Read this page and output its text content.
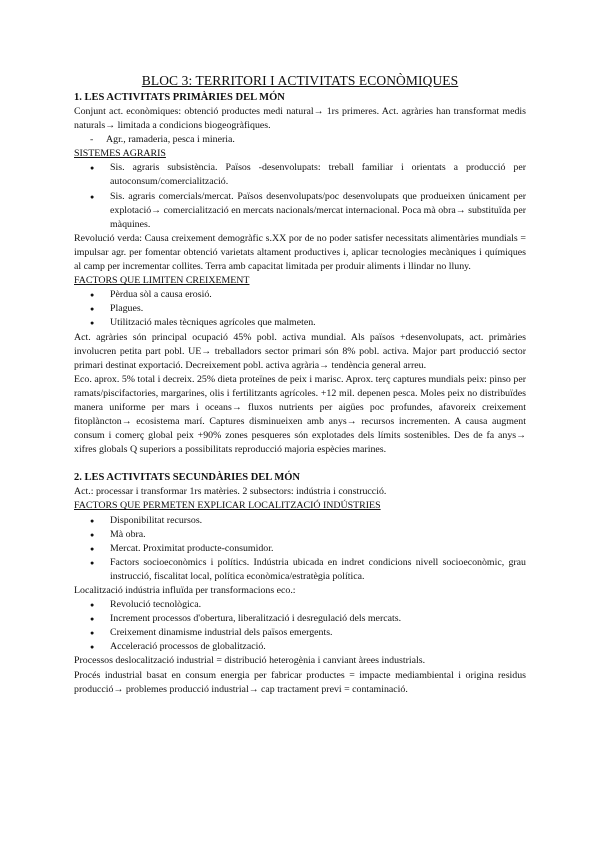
BLOC 3: TERRITORI I ACTIVITATS ECONÒMIQUES
1. LES ACTIVITATS PRIMÀRIES DEL MÓN

Conjunt act. econòmiques: obtenció productes medi natural→ 1rs primeres. Act. agràries han transformat medis naturals→ limitada a condicions biogeogràfiques.

- Agr., ramaderia, pesca i mineria.
SISTEMES AGRARIS
● Sis. agraris subsistència. Països -desenvolupats: treball familiar i orientats a producció per autoconsum/comercialització.
● Sis. agraris comercials/mercat. Països desenvolupats/poc desenvolupats que produeixen únicament per explotació→ comercialització en mercats nacionals/mercat internacional. Poca mà obra→ substituïda per màquines.

Revolució verda: Causa creixement demogràfic s.XX por de no poder satisfer necessitats alimentàries mundials = impulsar agr. per fomentar obtenció varietats altament productives i, aplicar tecnologies mecàniques i químiques al camp per incrementar collites. Terra amb capacitat limitada per produir aliments i llindar no lluny.

FACTORS QUE LIMITEN CREIXEMENT
● Pèrdua sòl a causa erosió.
● Plagues.
● Utilització males tècniques agrícoles que malmeten.

Act. agràries són principal ocupació 45% pobl. activa mundial. Als països +desenvolupats, act. primàries involucren petita part pobl. UE→ treballadors sector primari són 8% pobl. activa. Major part producció sector primari destinat exportació. Decreixement pobl. activa agrària→ tendència general arreu.

Eco. aprox. 5% total i decreix. 25% dieta proteïnes de peix i marisc. Aprox. terç captures mundials peix: pinso per ramats/piscifactories, margarines, olis i fertilitzants agrícoles. +12 mil. depenen pesca. Moles peix no distribuïdes manera uniforme per mars i oceans→ fluxos nutrients per aigües poc profundes, afavoreix creixement fitoplàncton→ ecosistema marí. Captures disminueixen amb anys→ recursos incrementen. A causa augment consum i comerç global peix +90% zones pesqueres són explotades dels límits sostenibles. Des de fa anys→ xifres globals Q superiors a possibilitats reproducció majoria espècies marines.

2. LES ACTIVITATS SECUNDÀRIES DEL MÓN

Act.: processar i transformar 1rs matèries. 2 subsectors: indústria i construcció.

FACTORS QUE PERMETEN EXPLICAR LOCALITZACIÓ INDÚSTRIES
● Disponibilitat recursos.
● Mà obra.
● Mercat. Proximitat producte-consumidor.
● Factors socioeconòmics i polítics. Indústria ubicada en indret condicions nivell socioeconòmic, grau instrucció, fiscalitat local, política econòmica/estratègia política.

Localització indústria influïda per transformacions eco.:

● Revolució tecnològica.
● Increment processos d'obertura, liberalització i desregulació dels mercats.
● Creixement dinamisme industrial dels països emergents.
● Acceleració processos de globalització.

Processos deslocalització industrial = distribució heterogènia i canviant àrees industrials.

Procés industrial basat en consum energia per fabricar productes = impacte mediambiental i origina residus producció→ problemes producció industrial→ cap tractament previ = contaminació.
